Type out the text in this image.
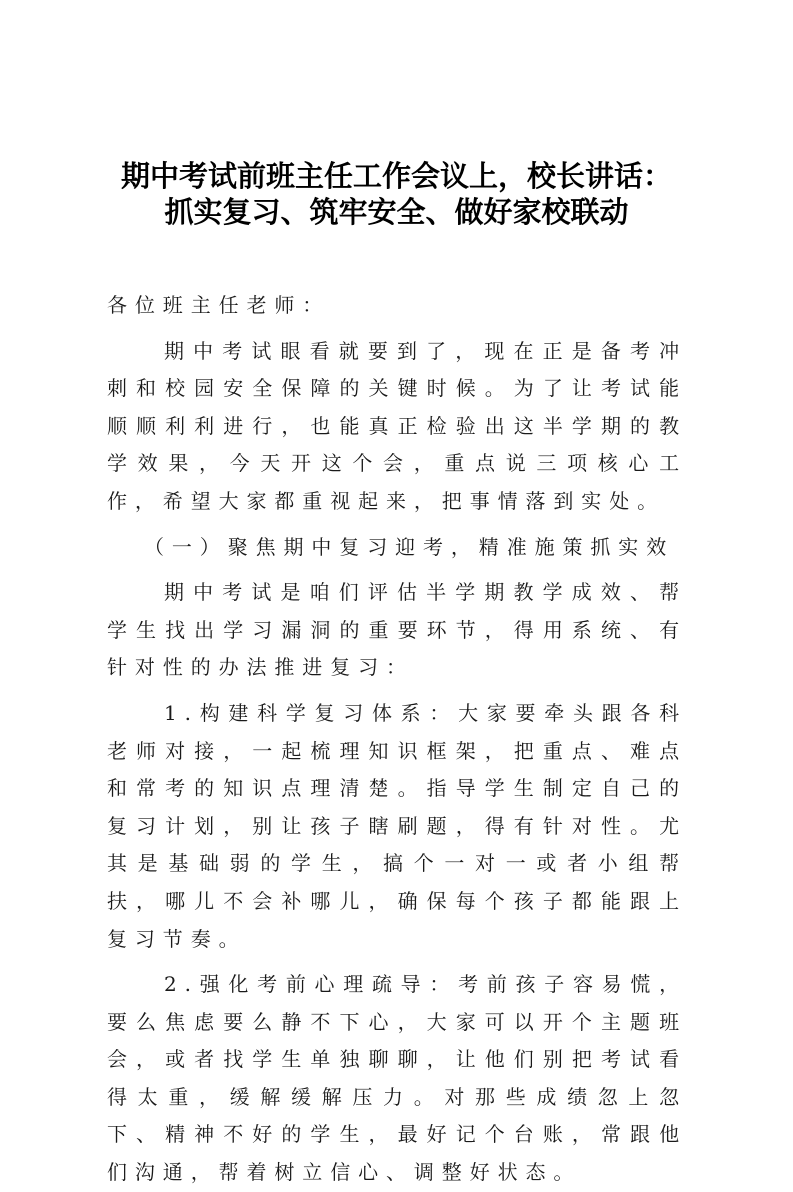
期中考试前班主任工作会议上，校长讲话：
抓实复习、筑牢安全、做好家校联动

各位班主任老师：

期中考试眼看就要到了，现在正是备考冲刺和校园安全保障的关键时候。为了让考试能顺顺利利进行，也能真正检验出这半学期的教学效果，今天开这个会，重点说三项核心工作，希望大家都重视起来，把事情落到实处。

（一）聚焦期中复习迎考，精准施策抓实效

期中考试是咱们评估半学期教学成效、帮学生找出学习漏洞的重要环节，得用系统、有针对性的办法推进复习：

1.构建科学复习体系：大家要牵头跟各科老师对接，一起梳理知识框架，把重点、难点和常考的知识点理清楚。指导学生制定自己的复习计划，别让孩子瞎刷题，得有针对性。尤其是基础弱的学生，搞个一对一或者小组帮扶，哪儿不会补哪儿，确保每个孩子都能跟上复习节奏。

2.强化考前心理疏导：考前孩子容易慌，要么焦虑要么静不下心，大家可以开个主题班会，或者找学生单独聊聊，让他们别把考试看得太重，缓解缓解压力。对那些成绩忽上忽下、精神不好的学生，最好记个台账，常跟他们沟通，帮着树立信心、调整好状态。
